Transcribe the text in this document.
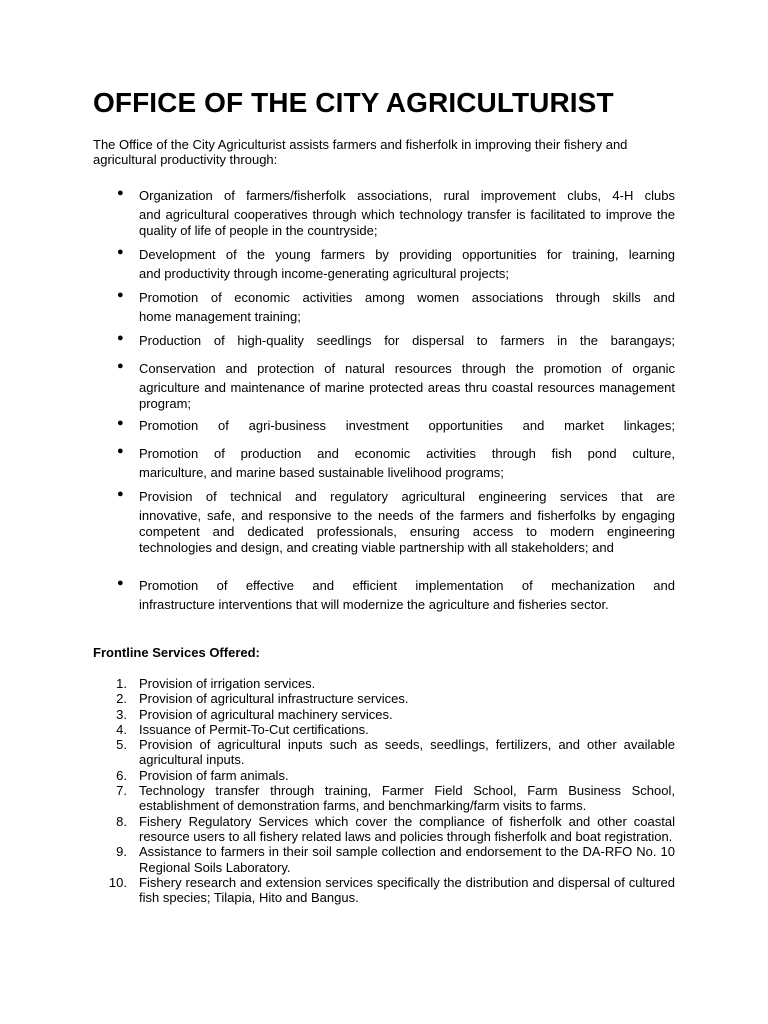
OFFICE OF THE CITY AGRICULTURIST

The Office of the City Agriculturist assists farmers and fisherfolk in improving their fishery and agricultural productivity through:

● Organization of farmers/fisherfolk associations, rural improvement clubs, 4-H clubs
and agricultural cooperatives through which technology transfer is facilitated to improve the quality of life of people in the countryside;
● Development of the young farmers by providing opportunities for training, learning
and productivity through income-generating agricultural projects;
● Promotion of economic activities among women associations through skills and
home management training;
● Production of high-quality seedlings for dispersal to farmers in the barangays;
● Conservation and protection of natural resources through the promotion of organic
agriculture and maintenance of marine protected areas thru coastal resources management program;
● Promotion of agri-business investment opportunities and market linkages;
● Promotion of production and economic activities through fish pond culture,
mariculture, and marine based sustainable livelihood programs;
● Provision of technical and regulatory agricultural engineering services that are
innovative, safe, and responsive to the needs of the farmers and fisherfolks by engaging competent and dedicated professionals, ensuring access to modern engineering technologies and design, and creating viable partnership with all stakeholders; and
● Promotion of effective and efficient implementation of mechanization and
infrastructure interventions that will modernize the agriculture and fisheries sector.
Frontline Services Offered:
1. Provision of irrigation services.
2. Provision of agricultural infrastructure services.
3. Provision of agricultural machinery services.
4. Issuance of Permit-To-Cut certifications.
5. Provision of agricultural inputs such as seeds, seedlings, fertilizers, and other available agricultural inputs.
6. Provision of farm animals.
7. Technology transfer through training, Farmer Field School, Farm Business School, establishment of demonstration farms, and benchmarking/farm visits to farms.
8. Fishery Regulatory Services which cover the compliance of fisherfolk and other coastal resource users to all fishery related laws and policies through fisherfolk and boat registration.
9. Assistance to farmers in their soil sample collection and endorsement to the DA-RFO No. 10 Regional Soils Laboratory.
10. Fishery research and extension services specifically the distribution and dispersal of cultured fish species; Tilapia, Hito and Bangus.
